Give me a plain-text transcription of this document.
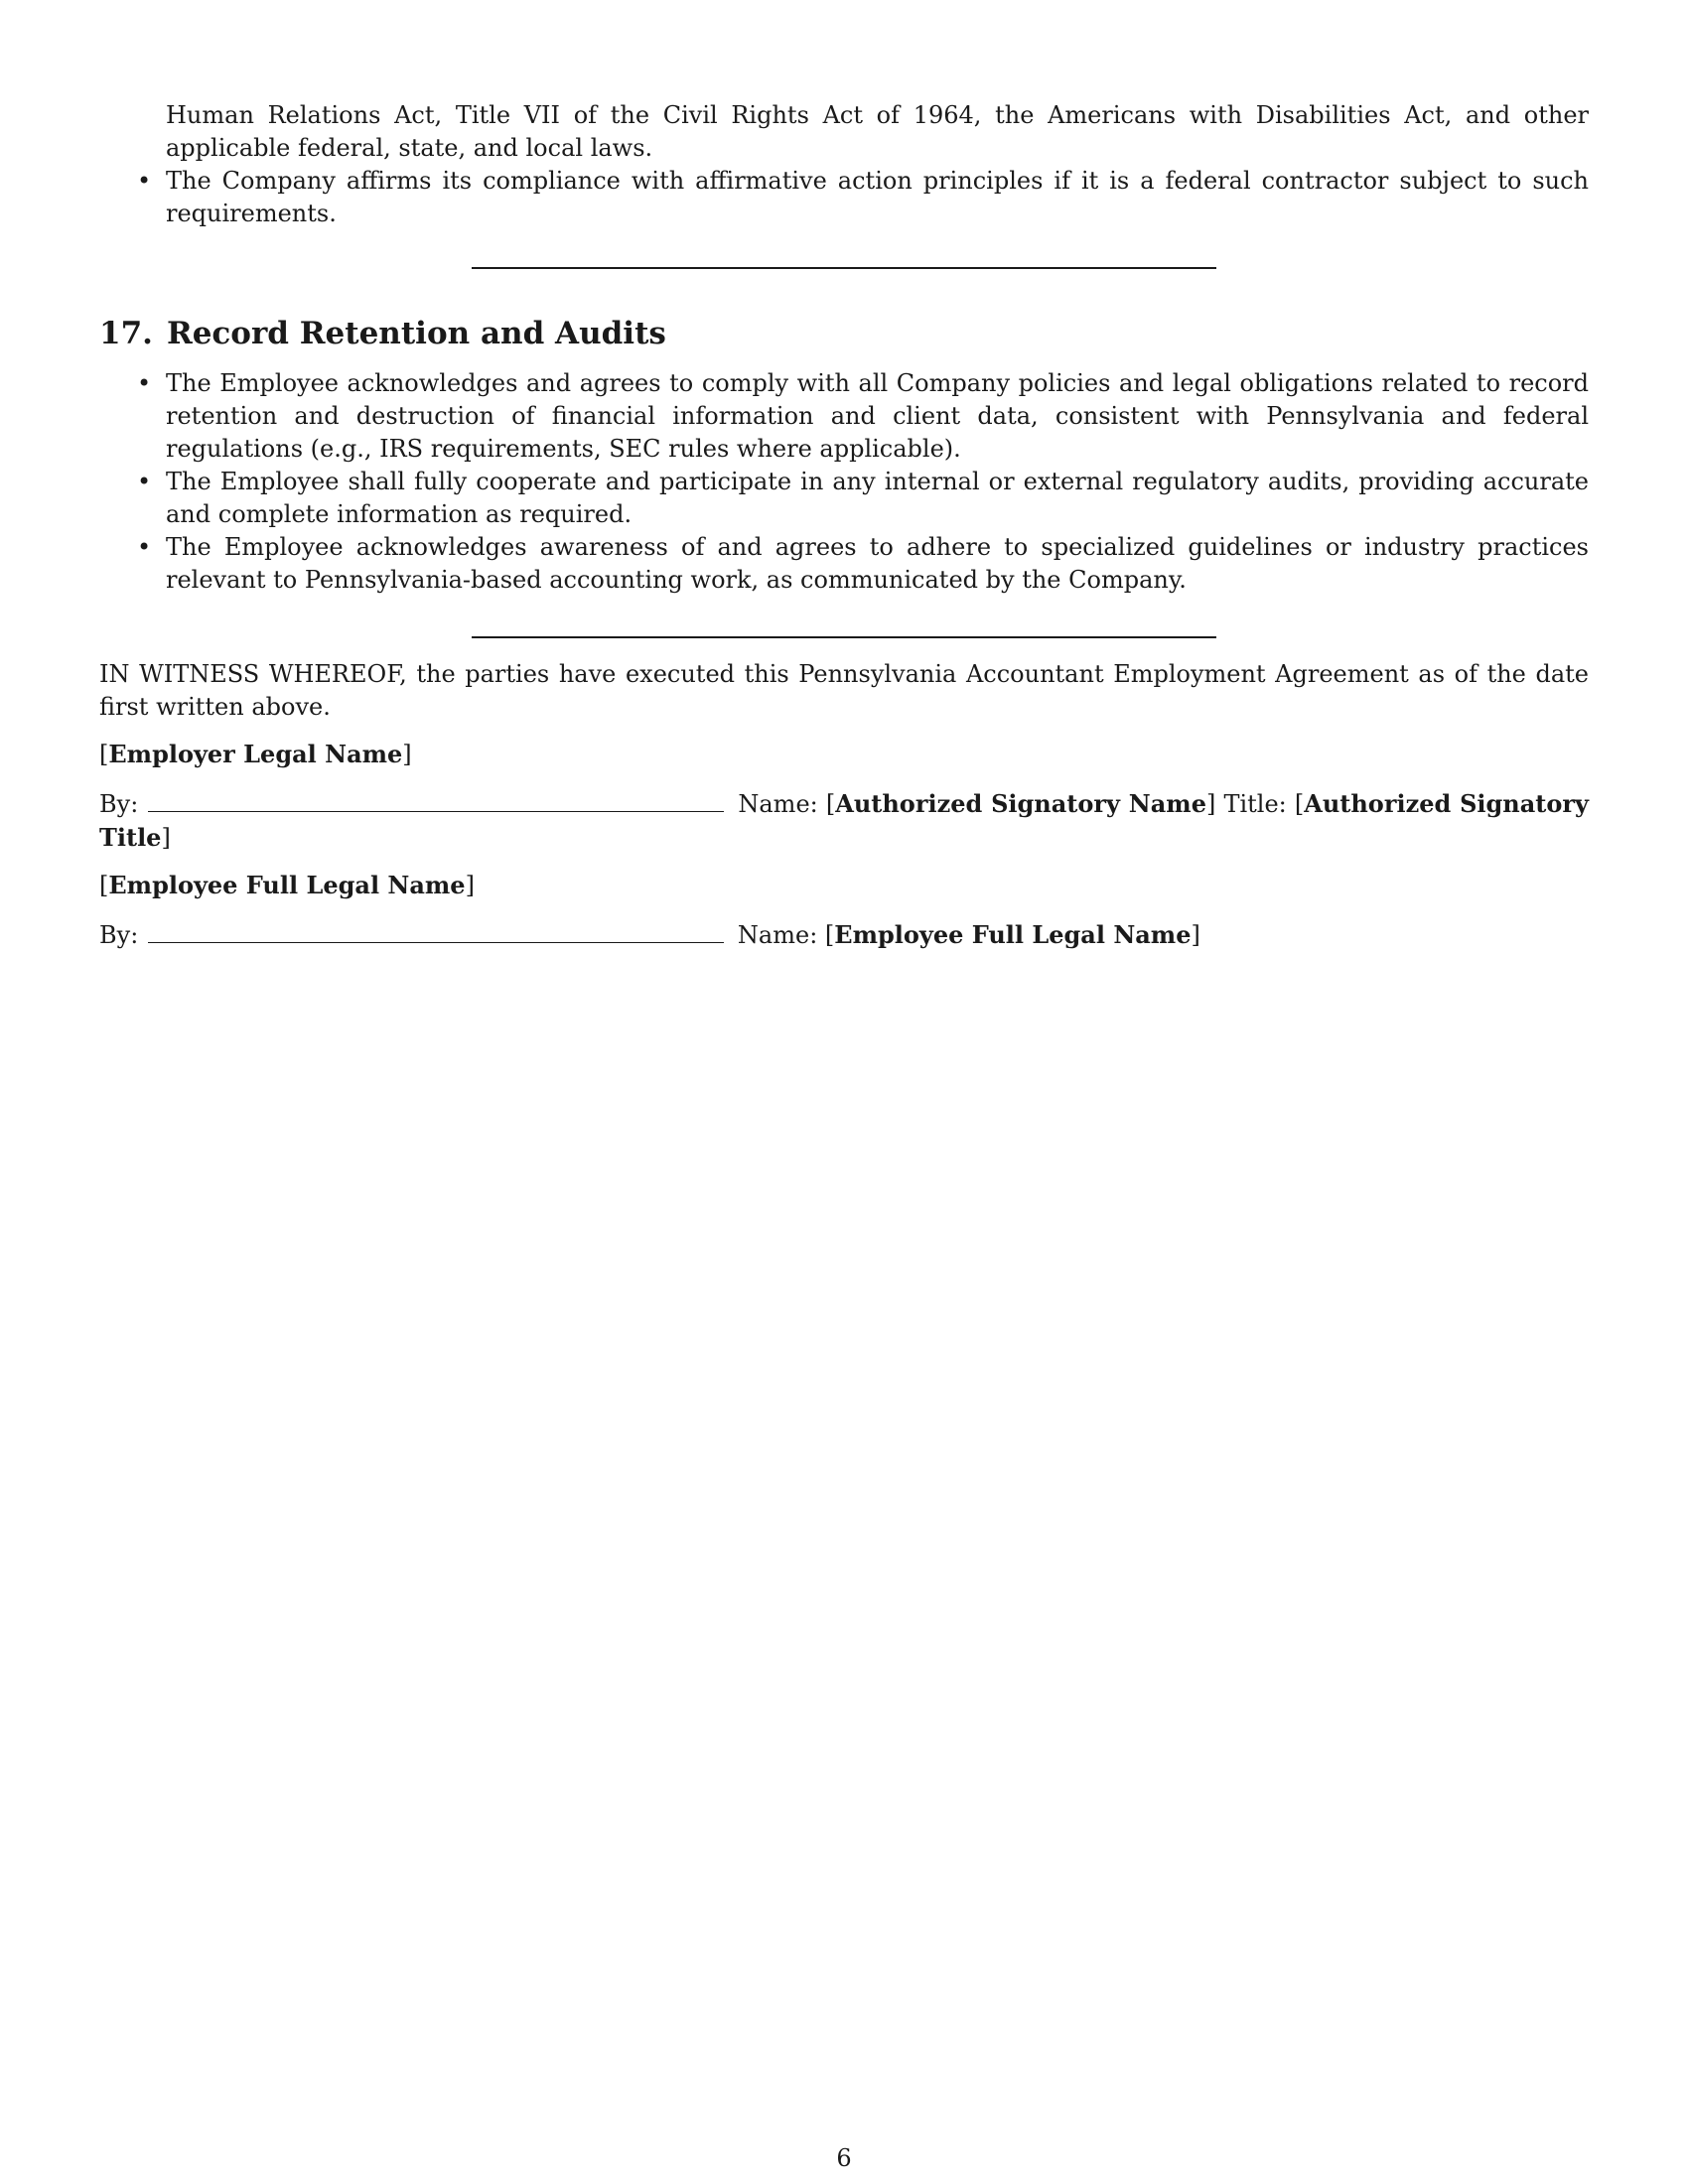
Human Relations Act, Title VII of the Civil Rights Act of 1964, the Americans with Disabilities Act, and other applicable federal, state, and local laws.
• The Company affirms its compliance with affirmative action principles if it is a federal contractor subject to such requirements.
17. Record Retention and Audits
• The Employee acknowledges and agrees to comply with all Company policies and legal obligations related to record retention and destruction of financial information and client data, consistent with Pennsylvania and federal regulations (e.g., IRS requirements, SEC rules where applicable).
• The Employee shall fully cooperate and participate in any internal or external regulatory audits, providing accurate and complete information as required.
• The Employee acknowledges awareness of and agrees to adhere to specialized guidelines or industry practices relevant to Pennsylvania-based accounting work, as communicated by the Company.
IN WITNESS WHEREOF, the parties have executed this Pennsylvania Accountant Employment Agreement as of the date first written above.
[Employer Legal Name]
By:	Name: [Authorized Signatory Name] Title: [Authorized Signatory Title]
[Employee Full Legal Name]
By:	Name: [Employee Full Legal Name]
6
